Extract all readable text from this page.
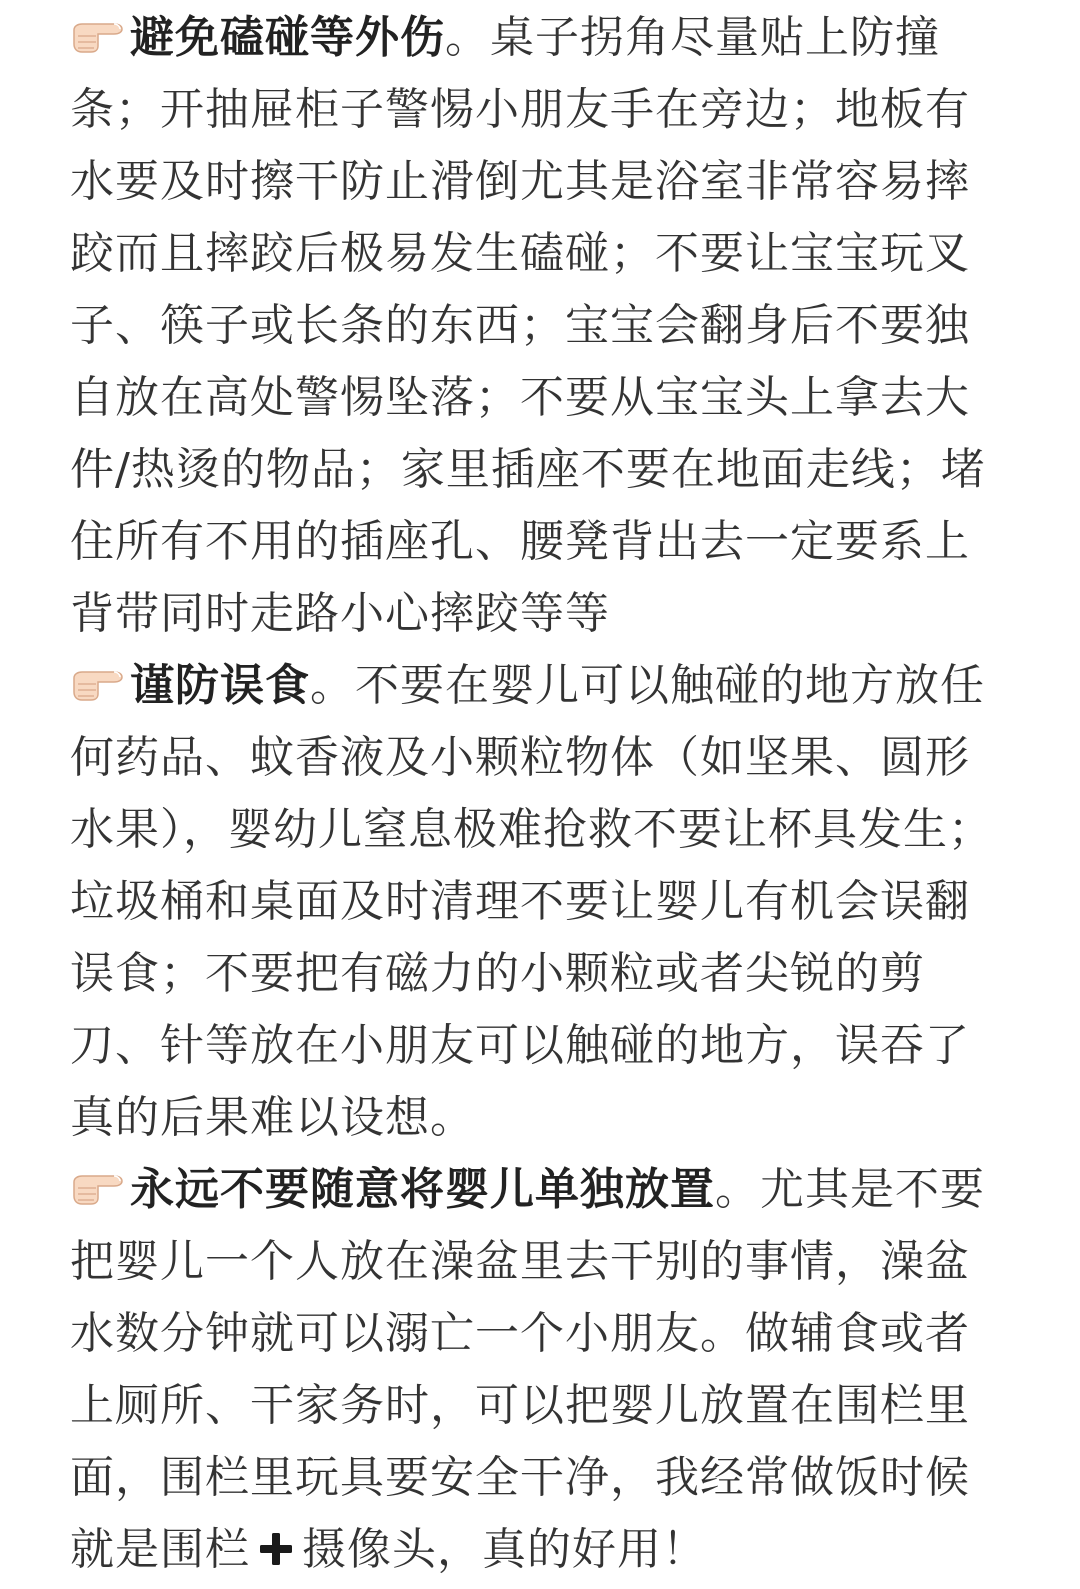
避免磕碰等外伤。桌子拐角尽量贴上防撞条；开抽屉柜子警惕小朋友手在旁边；地板有水要及时擦干防止滑倒尤其是浴室非常容易摔跤而且摔跤后极易发生磕碰；不要让宝宝玩叉子、筷子或长条的东西；宝宝会翻身后不要独自放在高处警惕坠落；不要从宝宝头上拿去大件/热烫的物品；家里插座不要在地面走线；堵住所有不用的插座孔、腰凳背出去一定要系上背带同时走路小心摔跤等等

谨防误食。不要在婴儿可以触碰的地方放任何药品、蚊香液及小颗粒物体（如坚果、圆形水果），婴幼儿窒息极难抢救不要让杯具发生；垃圾桶和桌面及时清理不要让婴儿有机会误翻误食；不要把有磁力的小颗粒或者尖锐的剪刀、针等放在小朋友可以触碰的地方，误吞了真的后果难以设想。

永远不要随意将婴儿单独放置。尤其是不要把婴儿一个人放在澡盆里去干别的事情，澡盆水数分钟就可以溺亡一个小朋友。做辅食或者上厕所、干家务时，可以把婴儿放置在围栏里面，围栏里玩具要安全干净，我经常做饭时候就是围栏 摄像头，真的好用！
